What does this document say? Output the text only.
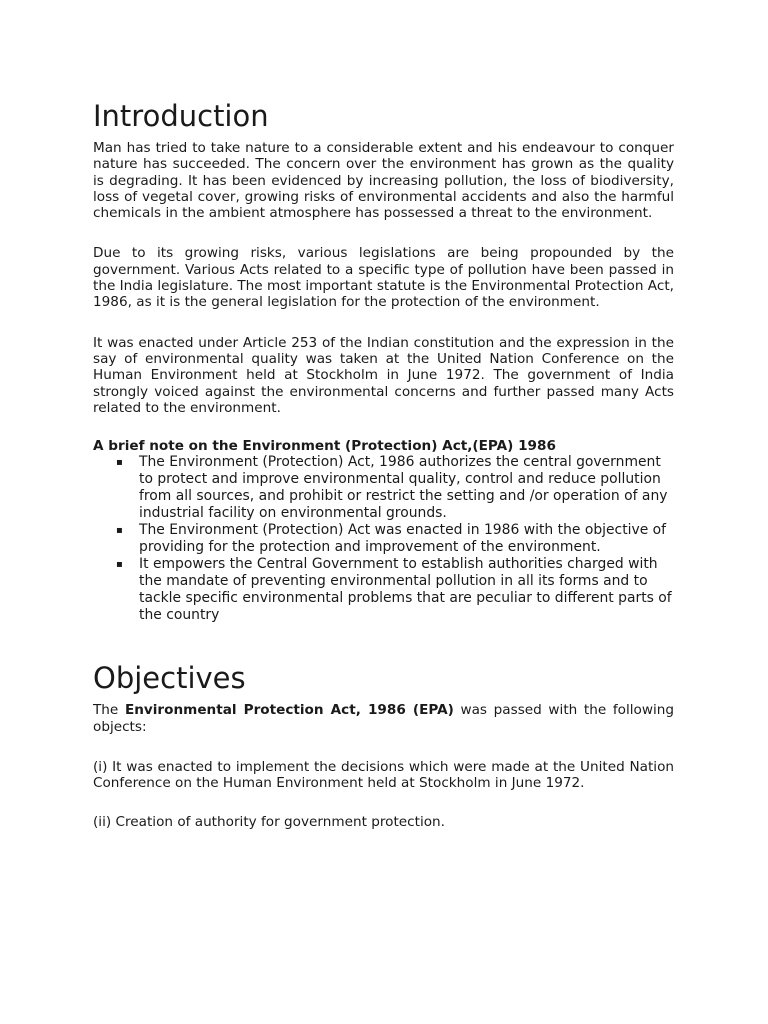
Introduction

Man has tried to take nature to a considerable extent and his endeavour to conquer nature has succeeded. The concern over the environment has grown as the quality is degrading. It has been evidenced by increasing pollution, the loss of biodiversity, loss of vegetal cover, growing risks of environmental accidents and also the harmful chemicals in the ambient atmosphere has possessed a threat to the environment.

Due to its growing risks, various legislations are being propounded by the government. Various Acts related to a specific type of pollution have been passed in the India legislature. The most important statute is the Environmental Protection Act, 1986, as it is the general legislation for the protection of the environment.

It was enacted under Article 253 of the Indian constitution and the expression in the say of environmental quality was taken at the United Nation Conference on the Human Environment held at Stockholm in June 1972. The government of India strongly voiced against the environmental concerns and further passed many Acts related to the environment.

A brief note on the Environment (Protection) Act,(EPA) 1986
▪ The Environment (Protection) Act, 1986 authorizes the central government to protect and improve environmental quality, control and reduce pollution from all sources, and prohibit or restrict the setting and /or operation of any industrial facility on environmental grounds.
▪ The Environment (Protection) Act was enacted in 1986 with the objective of providing for the protection and improvement of the environment.
▪ It empowers the Central Government to establish authorities charged with the mandate of preventing environmental pollution in all its forms and to tackle specific environmental problems that are peculiar to different parts of the country
Objectives

The Environmental Protection Act, 1986 (EPA) was passed with the following objects:

(i) It was enacted to implement the decisions which were made at the United Nation Conference on the Human Environment held at Stockholm in June 1972.

(ii) Creation of authority for government protection.
